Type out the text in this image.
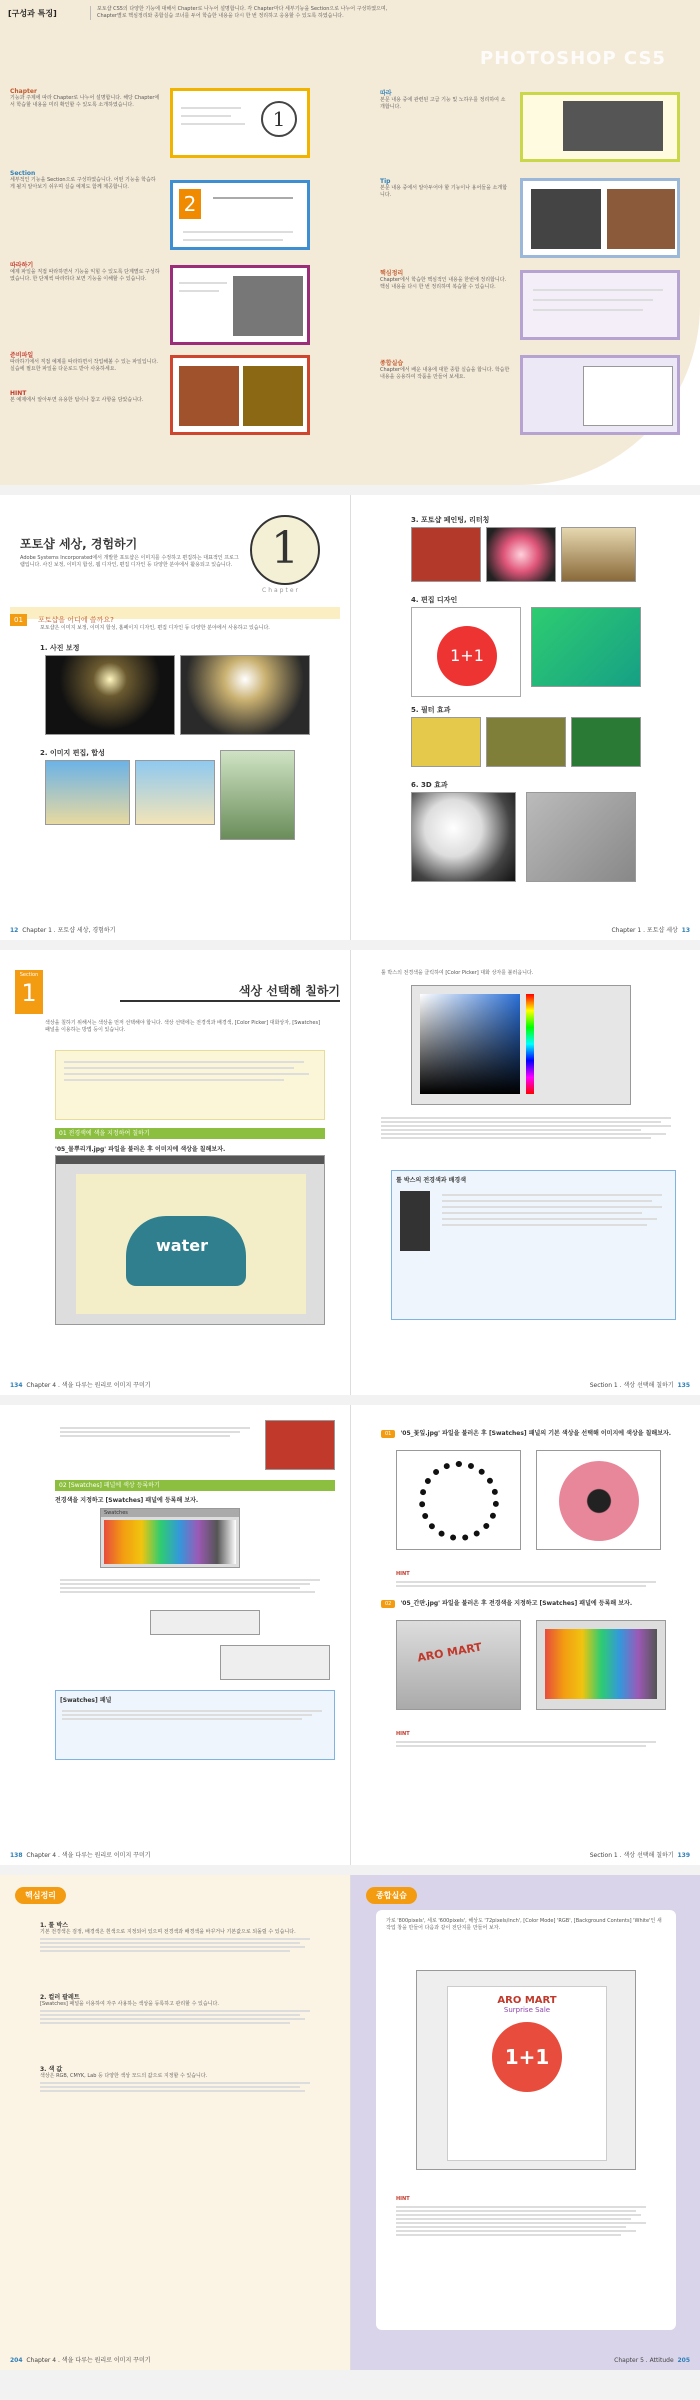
[구성과 특징]	포토샵 CS5의 다양한 기능에 대해서 Chapter로 나누어 설명합니다. 각 Chapter마다 세부기능을 Section으로 나누어 구성하였으며, Chapter별로 핵심정리와 종합실습 코너를 두어 학습한 내용을 다시 한 번 정리하고 응용할 수 있도록 하였습니다.
PHOTOSHOP CS5
Chapter
기능과 주제에 따라 Chapter로 나누어 설명합니다. 해당 Chapter에서 학습할 내용을 미리 확인할 수 있도록 소개하였습니다.
Section
세부적인 기능을 Section으로 구성하였습니다. 어떤 기능을 학습하게 될지 알아보기 쉬우며 실습 예제도 함께 제공합니다.
따라하기
예제 파일을 직접 따라하면서 기능을 익힐 수 있도록 단계별로 구성하였습니다. 한 단계씩 따라하다 보면 기능을 이해할 수 있습니다.
준비파일
따라하기에서 직접 예제를 따라하면서 작업해볼 수 있는 파일입니다. 실습에 필요한 파일을 다운로드 받아 사용하세요.
HINT
본 예제에서 알아두면 유용한 팁이나 참고 사항을 담았습니다.
1
2
따라
본문 내용 중에 관련된 고급 기능 및 노하우를 정리하여 소개합니다.
Tip
본문 내용 중에서 알아두어야 할 기능이나 용어들을 소개합니다.
핵심정리
Chapter에서 학습한 핵심적인 내용을 한번에 정리합니다. 핵심 내용을 다시 한 번 정리하며 복습할 수 있습니다.
종합실습
Chapter에서 배운 내용에 대한 종합 실습을 합니다. 학습한 내용을 응용하여 작품을 만들어 보세요.
포토샵 세상, 경험하기	1
Chapter
Adobe Systems Incorporated에서 개발한 포토샵은 이미지를 수정하고 편집하는 대표적인 프로그램입니다. 사진 보정, 이미지 합성, 웹 디자인, 편집 디자인 등 다양한 분야에서 활용되고 있습니다.
01 포토샵을 어디에 쓸까요?
포토샵은 이미지 보정, 이미지 합성, 홈페이지 디자인, 편집 디자인 등 다양한 분야에서 사용하고 있습니다.
1. 사진 보정
2. 이미지 편집, 합성
12 Chapter 1 . 포토샵 세상, 경험하기
3. 포토샵 페인팅, 리터칭
4. 편집 디자인
1+1
5. 필터 효과
6. 3D 효과
Chapter 1 . 포토샵 세상 13
Section
1	색상 선택해 칠하기
색상을 칠하기 위해서는 색상을 먼저 선택해야 합니다. 색상 선택에는 전경색과 배경색, [Color Picker] 대화상자, [Swatches] 패널을 이용하는 방법 등이 있습니다.
01 전경색에 색을 지정하여 칠하기
'05_물뿌리개.jpg' 파일을 불러온 후 이미지에 색상을 칠해보자.
water
134 Chapter 4 . 색을 다루는 원리로 이미지 꾸미기
툴 박스의 전경색을 클릭하여 [Color Picker] 대화 상자를 불러옵니다.
툴 박스의 전경색과 배경색
Section 1 . 색상 선택해 칠하기 135
02 [Swatches] 패널에 색상 등록하기
전경색을 지정하고 [Swatches] 패널에 등록해 보자.
Swatches
[Swatches] 패널
138 Chapter 4 . 색을 다루는 원리로 이미지 꾸미기
01 '05_꽃잎.jpg' 파일을 불러온 후 [Swatches] 패널의 기본 색상을 선택해 이미지에 색상을 칠해보자.
HINT
02 '05_간판.jpg' 파일을 불러온 후 전경색을 지정하고 [Swatches] 패널에 등록해 보자.
ARO MART
HINT
Section 1 . 색상 선택해 칠하기 139
핵심정리
1. 툴 박스
기본 전경색은 검정, 배경색은 흰색으로 지정되어 있으며 전경색과 배경색을 바꾸거나 기본값으로 되돌릴 수 있습니다.
2. 컬러 팔레트
[Swatches] 패널을 이용하여 자주 사용하는 색상을 등록하고 관리할 수 있습니다.
3. 색 값
색상은 RGB, CMYK, Lab 등 다양한 색상 모드의 값으로 지정할 수 있습니다.
204 Chapter 4 . 색을 다루는 원리로 이미지 꾸미기
종합실습
가로 '800pixels', 세로 '600pixels', 해상도 '72pixels/inch', [Color Mode] 'RGB', [Background Contents] 'White'인 새 작업 창을 만들어 다음과 같이 전단지를 만들어 보자.
ARO MART
Surprise Sale
1+1
HINT
Chapter 5 . Attitude 205
